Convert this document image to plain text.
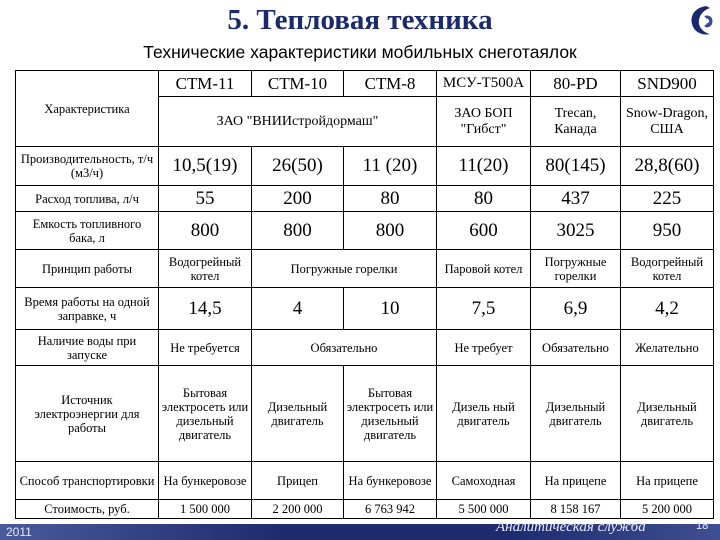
5. Тепловая техника
Технические характеристики мобильных снеготаялок
Характеристика	СТМ-11	СТМ-10	СТМ-8	МСУ-Т500А	80-PD	SND900
	ЗАО "ВНИИстройдормаш"			ЗАО БОП "Гибст"	Trecan, Канада	Snow-Dragon, США
Производительность, т/ч (м3/ч)	10,5(19)	26(50)	11 (20)	11(20)	80(145)	28,8(60)
Расход топлива, л/ч	55	200	80	80	437	225
Емкость топливного бака, л	800	800	800	600	3025	950
Принцип работы	Водогрейный котел	Погружные горелки		Паровой котел	Погружные горелки	Водогрейный котел
Время работы на одной заправке, ч	14,5	4	10	7,5	6,9	4,2
Наличие воды при запуске	Не требуется	Обязательно		Не требует	Обязательно	Желательно
Источник электроэнергии для работы	Бытовая электросеть или дизельный двигатель	Дизельный двигатель	Бытовая электросеть или дизельный двигатель	Дизель ный двигатель	Дизельный двигатель	Дизельный двигатель
Способ транспортировки	На бункеровозе	Прицеп	На бункеровозе	Самоходная	На прицепе	На прицепе
Стоимость, руб.	1 500 000	2 200 000	6 763 942	5 500 000	8 158 167	5 200 000
2011	Аналитическая служба	18
